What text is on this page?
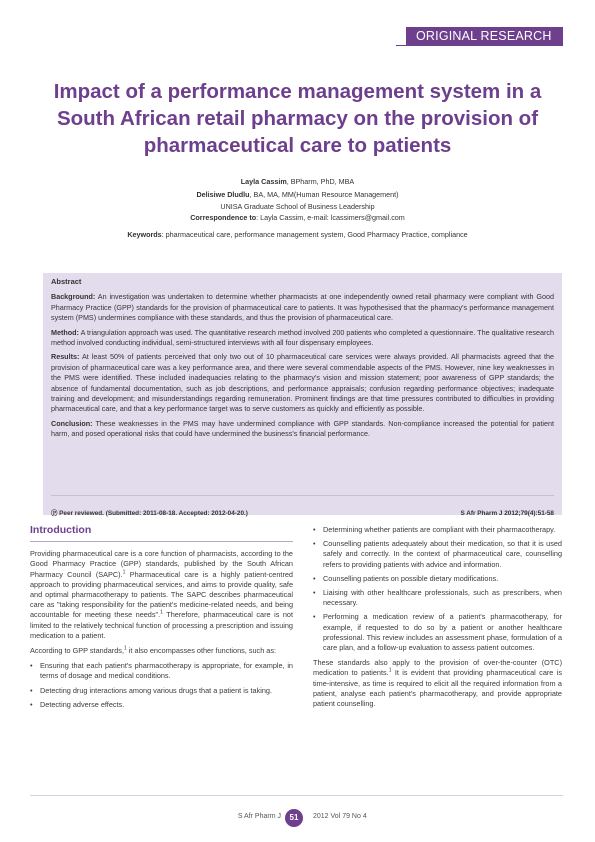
ORIGINAL RESEARCH
Impact of a performance management system in a South African retail pharmacy on the provision of pharmaceutical care to patients
Layla Cassim, BPharm, PhD, MBA
Delisiwe Dludlu, BA, MA, MM(Human Resource Management)
UNISA Graduate School of Business Leadership
Correspondence to: Layla Cassim, e-mail: lcassimers@gmail.com
Keywords: pharmaceutical care, performance management system, Good Pharmacy Practice, compliance
Abstract

Background: An investigation was undertaken to determine whether pharmacists at one independently owned retail pharmacy were compliant with Good Pharmacy Practice (GPP) standards for the provision of pharmaceutical care to patients. It was hypothesised that the pharmacy's performance management system (PMS) undermines compliance with these standards, and thus the provision of pharmaceutical care.

Method: A triangulation approach was used. The quantitative research method involved 200 patients who completed a questionnaire. The qualitative research method involved conducting individual, semi-structured interviews with all four dispensary employees.

Results: At least 50% of patients perceived that only two out of 10 pharmaceutical care services were always provided. All pharmacists agreed that the provision of pharmaceutical care was a key performance area, and there were several commendable aspects of the PMS. However, nine key weaknesses in the PMS were identified. These included inadequacies relating to the pharmacy's vision and mission statement; poor awareness of GPP standards; the absence of fundamental documentation, such as job descriptions, and performance appraisals; confusion regarding performance objectives; inadequate training and development; and misunderstandings regarding remuneration. Prominent findings are that time pressures contributed to difficulties in providing pharmaceutical care, and that a key performance target was to serve customers as quickly and efficiently as possible.

Conclusion: These weaknesses in the PMS may have undermined compliance with GPP standards. Non-compliance increased the potential for patient harm, and posed operational risks that could have undermined the business's financial performance.

Ⓟ Peer reviewed. (Submitted: 2011-08-18. Accepted: 2012-04-20.)	S Afr Pharm J 2012;79(4):51-58
Introduction

Providing pharmaceutical care is a core function of pharmacists, according to the Good Pharmacy Practice (GPP) standards, published by the South African Pharmacy Council (SAPC).$^1$ Pharmaceutical care is a highly patient-centred approach to providing pharmaceutical services, and aims to provide quality, safe and optimal pharmacotherapy to patients. The SAPC describes pharmaceutical care as "taking responsibility for the patient's medicine-related needs, and being accountable for meeting these needs".$^1$ Therefore, pharmaceutical care is not limited to the relatively technical function of processing a prescription and issuing medication to a patient.

According to GPP standards,$^1$ it also encompasses other functions, such as:

• Ensuring that each patient's pharmacotherapy is appropriate, for example, in terms of dosage and medical conditions.
• Detecting drug interactions among various drugs that a patient is taking.
• Detecting adverse effects.
• Determining whether patients are compliant with their pharmacotherapy.
• Counselling patients adequately about their medication, so that it is used safely and correctly. In the context of pharmaceutical care, counselling refers to providing patients with advice and information.
• Counselling patients on possible dietary modifications.
• Liaising with other healthcare professionals, such as prescribers, when necessary.
• Performing a medication review of a patient's pharmacotherapy, for example, if requested to do so by a patient or another healthcare professional. This review includes an assessment phase, formulation of a care plan, and a follow-up evaluation to assess patient outcomes.

These standards also apply to the provision of over-the-counter (OTC) medication to patients.$^1$ It is evident that providing pharmaceutical care is time-intensive, as time is required to elicit all the required information from a patient, analyse each patient's pharmacotherapy, and provide appropriate patient counselling.

S Afr Pharm J	51	2012 Vol 79 No 4
